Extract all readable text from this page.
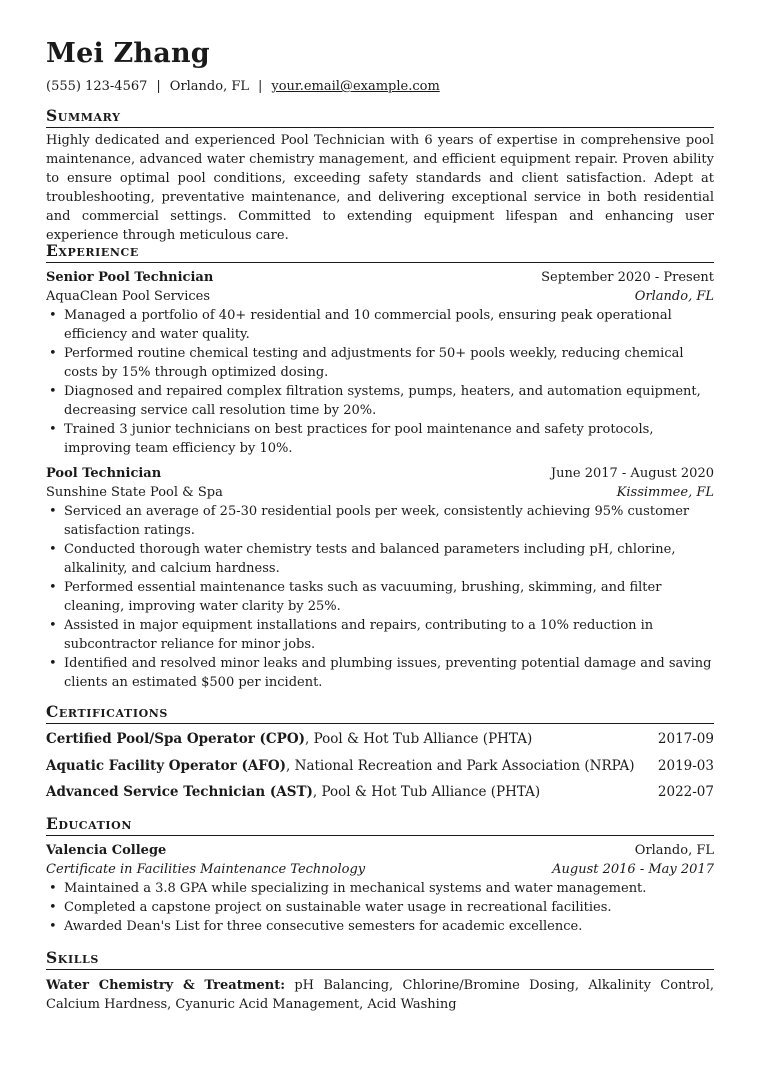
Mei Zhang
(555) 123-4567 | Orlando, FL | your.email@example.com
Summary

Highly dedicated and experienced Pool Technician with 6 years of expertise in comprehensive pool maintenance, advanced water chemistry management, and efficient equipment repair. Proven ability to ensure optimal pool conditions, exceeding safety standards and client satisfaction. Adept at troubleshooting, preventative maintenance, and delivering exceptional service in both residential and commercial settings. Committed to extending equipment lifespan and enhancing user experience through meticulous care.

Experience
Senior Pool Technician	September 2020 - Present
AquaClean Pool Services	Orlando, FL
• Managed a portfolio of 40+ residential and 10 commercial pools, ensuring peak operational efficiency and water quality.
• Performed routine chemical testing and adjustments for 50+ pools weekly, reducing chemical costs by 15% through optimized dosing.
• Diagnosed and repaired complex filtration systems, pumps, heaters, and automation equipment, decreasing service call resolution time by 20%.
• Trained 3 junior technicians on best practices for pool maintenance and safety protocols, improving team efficiency by 10%.
Pool Technician	June 2017 - August 2020
Sunshine State Pool & Spa	Kissimmee, FL
• Serviced an average of 25-30 residential pools per week, consistently achieving 95% customer satisfaction ratings.
• Conducted thorough water chemistry tests and balanced parameters including pH, chlorine, alkalinity, and calcium hardness.
• Performed essential maintenance tasks such as vacuuming, brushing, skimming, and filter cleaning, improving water clarity by 25%.
• Assisted in major equipment installations and repairs, contributing to a 10% reduction in subcontractor reliance for minor jobs.
• Identified and resolved minor leaks and plumbing issues, preventing potential damage and saving clients an estimated $500 per incident.
Certifications
Certified Pool/Spa Operator (CPO), Pool & Hot Tub Alliance (PHTA)	2017-09
Aquatic Facility Operator (AFO), National Recreation and Park Association (NRPA) 2019-03
Advanced Service Technician (AST), Pool & Hot Tub Alliance (PHTA)	2022-07
Education
Valencia College	Orlando, FL
Certificate in Facilities Maintenance Technology	August 2016 - May 2017
• Maintained a 3.8 GPA while specializing in mechanical systems and water management.
• Completed a capstone project on sustainable water usage in recreational facilities.
• Awarded Dean's List for three consecutive semesters for academic excellence.
Skills

Water Chemistry & Treatment: pH Balancing, Chlorine/Bromine Dosing, Alkalinity Control, Calcium Hardness, Cyanuric Acid Management, Acid Washing
